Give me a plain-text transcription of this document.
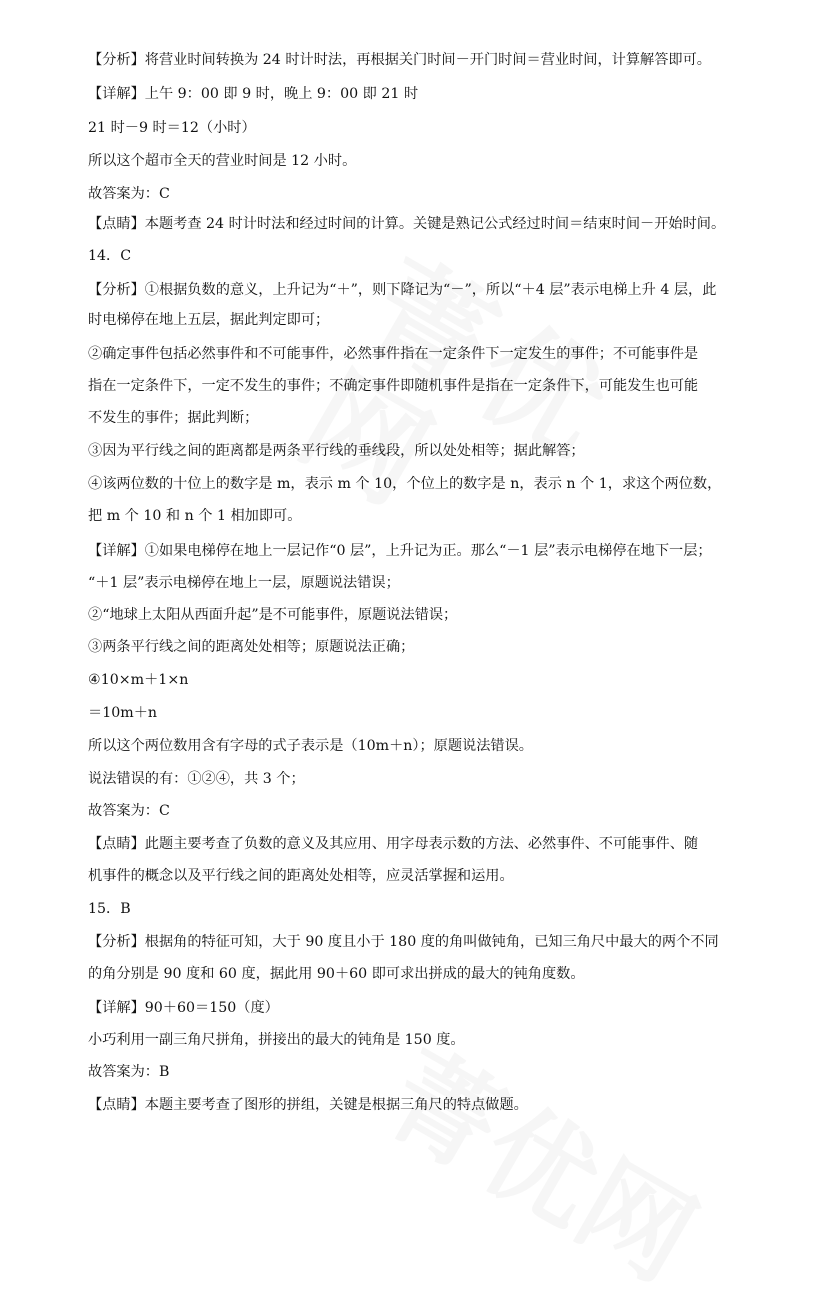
【分析】将营业时间转换为 24 时计时法，再根据关门时间－开门时间＝营业时间，计算解答即可。
【详解】上午 9：00 即 9 时，晚上 9：00 即 21 时
21 时－9 时＝12（小时）
所以这个超市全天的营业时间是 12 小时。
故答案为：C
【点睛】本题考查 24 时计时法和经过时间的计算。关键是熟记公式经过时间＝结束时间－开始时间。
14．C
【分析】①根据负数的意义，上升记为“＋”，则下降记为“－”，所以“＋4 层”表示电梯上升 4 层，此
时电梯停在地上五层，据此判定即可；
②确定事件包括必然事件和不可能事件，必然事件指在一定条件下一定发生的事件；不可能事件是
指在一定条件下，一定不发生的事件；不确定事件即随机事件是指在一定条件下，可能发生也可能
不发生的事件；据此判断；
③因为平行线之间的距离都是两条平行线的垂线段，所以处处相等；据此解答；
④该两位数的十位上的数字是 m，表示 m 个 10，个位上的数字是 n，表示 n 个 1，求这个两位数，
把 m 个 10 和 n 个 1 相加即可。
【详解】①如果电梯停在地上一层记作“0 层”，上升记为正。那么“－1 层”表示电梯停在地下一层；
“＋1 层”表示电梯停在地上一层，原题说法错误；
②“地球上太阳从西面升起”是不可能事件，原题说法错误；
③两条平行线之间的距离处处相等；原题说法正确；
④10×m＋1×n
＝10m＋n
所以这个两位数用含有字母的式子表示是（10m＋n）；原题说法错误。
说法错误的有：①②④，共 3 个；
故答案为：C
【点睛】此题主要考查了负数的意义及其应用、用字母表示数的方法、必然事件、不可能事件、随
机事件的概念以及平行线之间的距离处处相等，应灵活掌握和运用。
15．B
【分析】根据角的特征可知，大于 90 度且小于 180 度的角叫做钝角，已知三角尺中最大的两个不同
的角分别是 90 度和 60 度，据此用 90＋60 即可求出拼成的最大的钝角度数。
【详解】90＋60＝150（度）
小巧利用一副三角尺拼角，拼接出的最大的钝角是 150 度。
故答案为：B
【点睛】本题主要考查了图形的拼组，关键是根据三角尺的特点做题。
